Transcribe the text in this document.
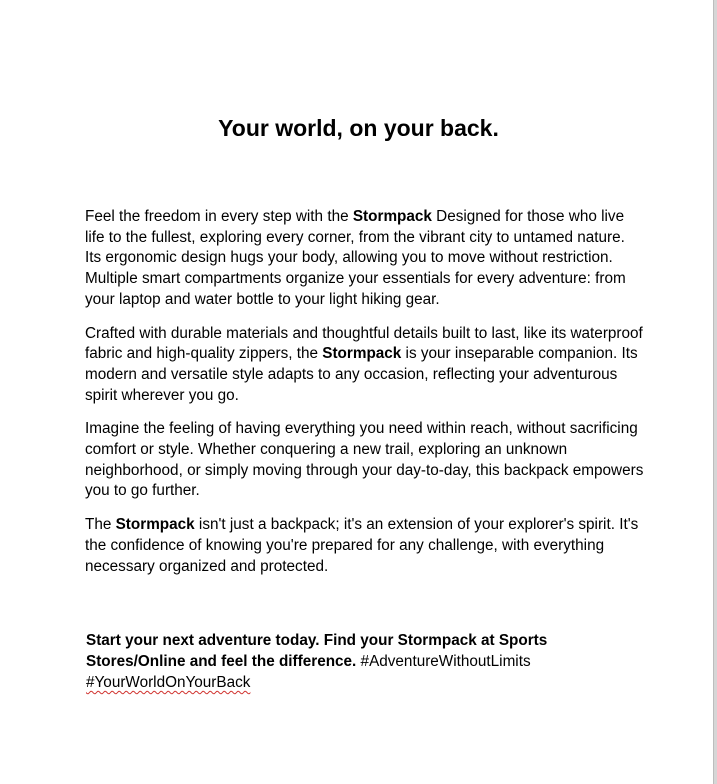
Your world, on your back.

Feel the freedom in every step with the Stormpack Designed for those who live life to the fullest, exploring every corner, from the vibrant city to untamed nature. Its ergonomic design hugs your body, allowing you to move without restriction. Multiple smart compartments organize your essentials for every adventure: from your laptop and water bottle to your light hiking gear.

Crafted with durable materials and thoughtful details built to last, like its waterproof fabric and high-quality zippers, the Stormpack is your inseparable companion. Its modern and versatile style adapts to any occasion, reflecting your adventurous spirit wherever you go.

Imagine the feeling of having everything you need within reach, without sacrificing comfort or style. Whether conquering a new trail, exploring an unknown neighborhood, or simply moving through your day-to-day, this backpack empowers you to go further.

The Stormpack isn't just a backpack; it's an extension of your explorer's spirit. It's the confidence of knowing you're prepared for any challenge, with everything necessary organized and protected.

Start your next adventure today. Find your Stormpack at Sports Stores/Online and feel the difference. #AdventureWithoutLimits
#YourWorldOnYourBack
